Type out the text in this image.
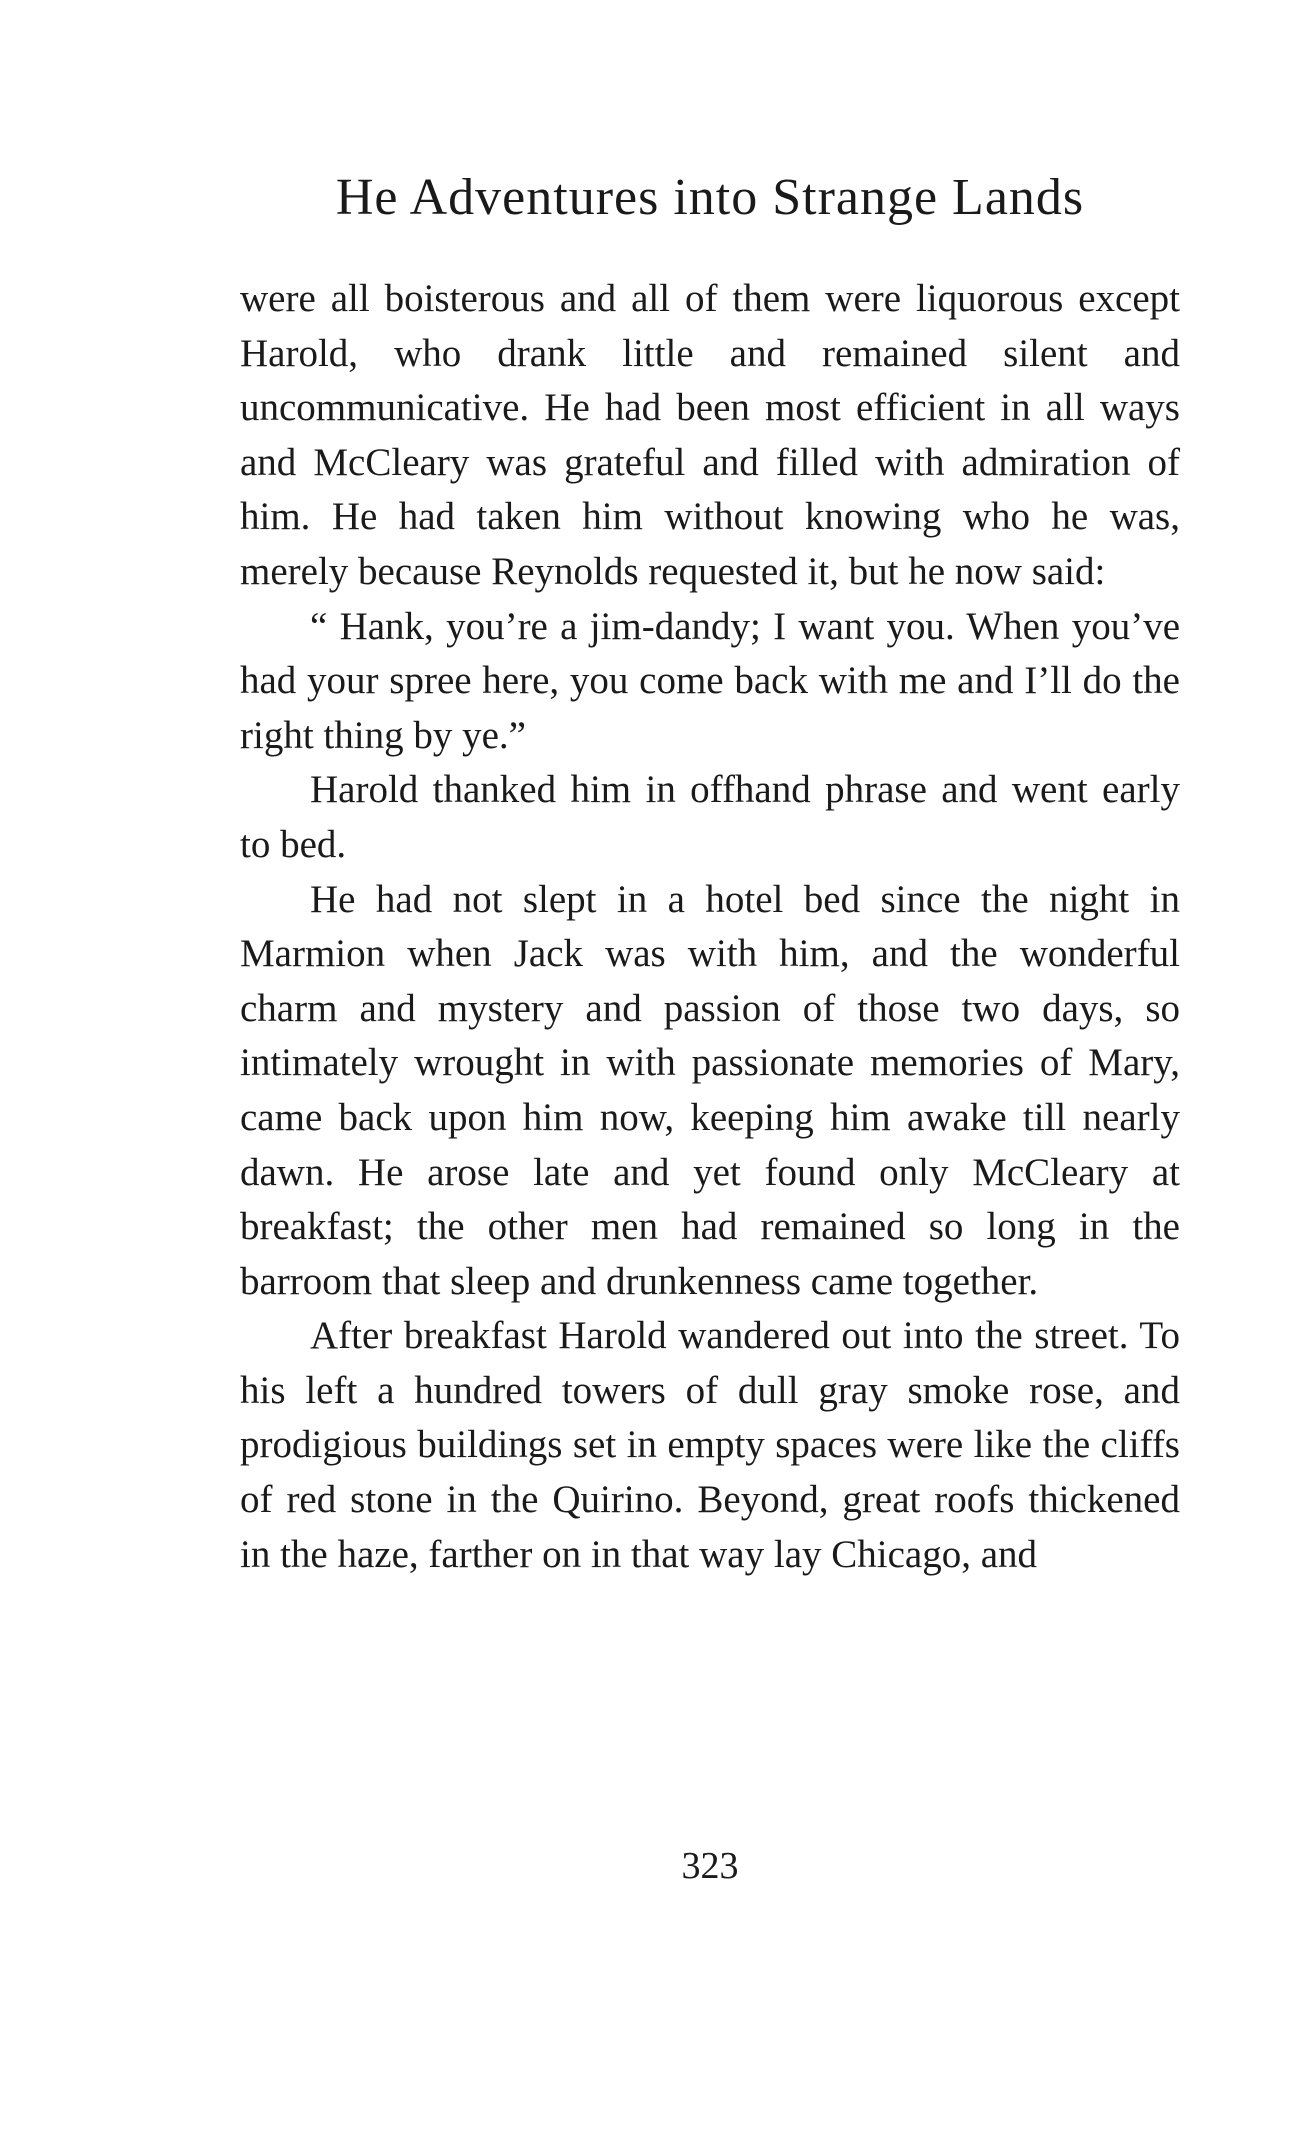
He Adventures into Strange Lands

were all boisterous and all of them were liquorous except Harold, who drank little and remained silent and uncommunicative. He had been most efficient in all ways and McCleary was grateful and filled with admiration of him. He had taken him without knowing who he was, merely because Reynolds requested it, but he now said:

“ Hank, you’re a jim-dandy; I want you. When you’ve had your spree here, you come back with me and I’ll do the right thing by ye.”

Harold thanked him in offhand phrase and went early to bed.

He had not slept in a hotel bed since the night in Marmion when Jack was with him, and the wonderful charm and mystery and passion of those two days, so intimately wrought in with passionate memories of Mary, came back upon him now, keeping him awake till nearly dawn. He arose late and yet found only McCleary at breakfast; the other men had remained so long in the barroom that sleep and drunkenness came together.

After breakfast Harold wandered out into the street. To his left a hundred towers of dull gray smoke rose, and prodigious buildings set in empty spaces were like the cliffs of red stone in the Quirino. Beyond, great roofs thickened in the haze, farther on in that way lay Chicago, and

323
